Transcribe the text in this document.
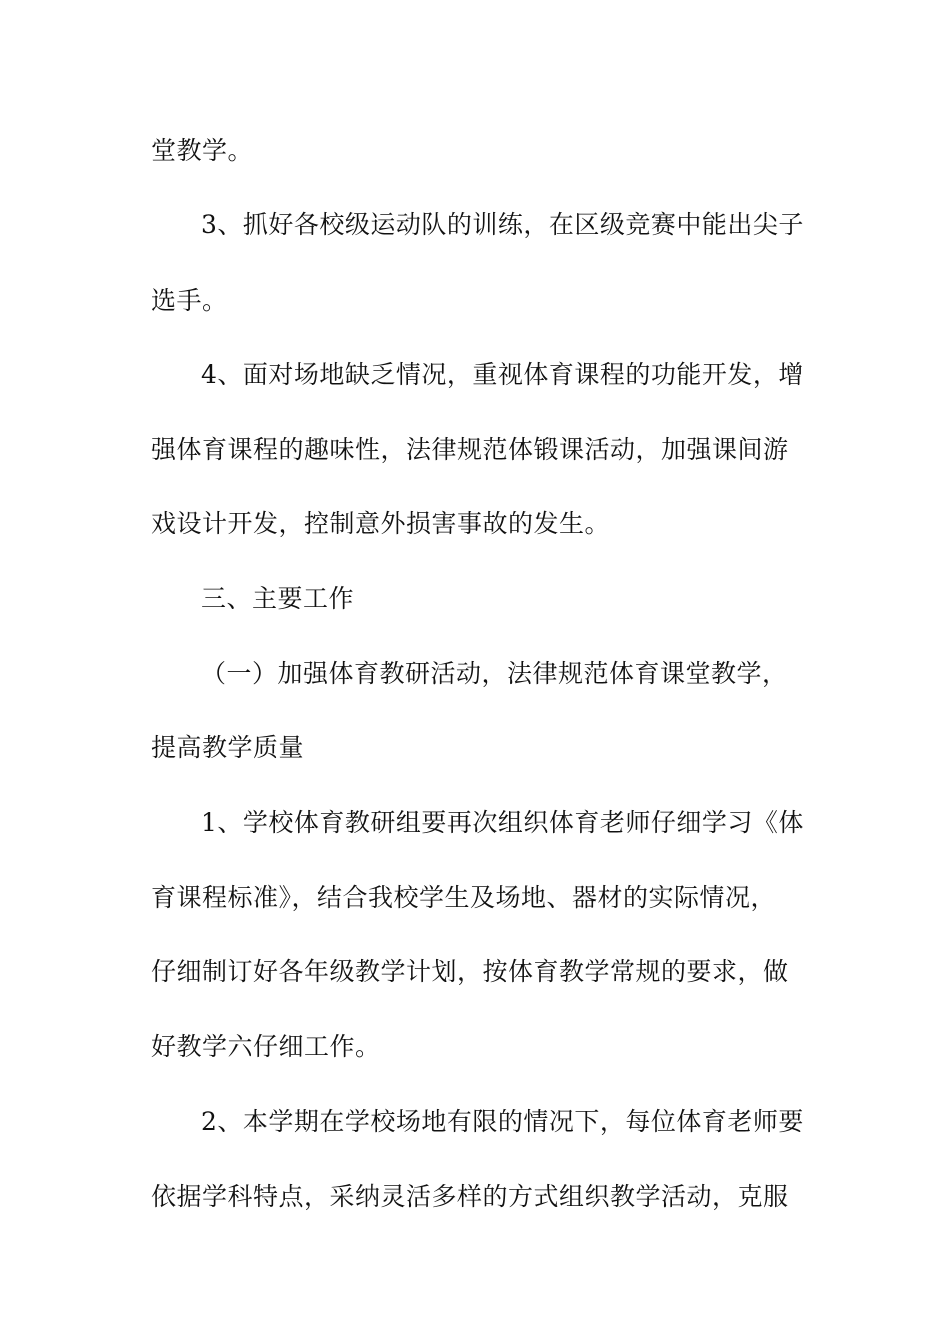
堂教学。
3、抓好各校级运动队的训练，在区级竞赛中能出尖子
选手。
4、面对场地缺乏情况，重视体育课程的功能开发，增
强体育课程的趣味性，法律规范体锻课活动，加强课间游
戏设计开发，控制意外损害事故的发生。
三、主要工作
（一）加强体育教研活动，法律规范体育课堂教学，
提高教学质量
1、学校体育教研组要再次组织体育老师仔细学习《体
育课程标准》，结合我校学生及场地、器材的实际情况，
仔细制订好各年级教学计划，按体育教学常规的要求，做
好教学六仔细工作。
2、本学期在学校场地有限的情况下，每位体育老师要
依据学科特点，采纳灵活多样的方式组织教学活动，克服
